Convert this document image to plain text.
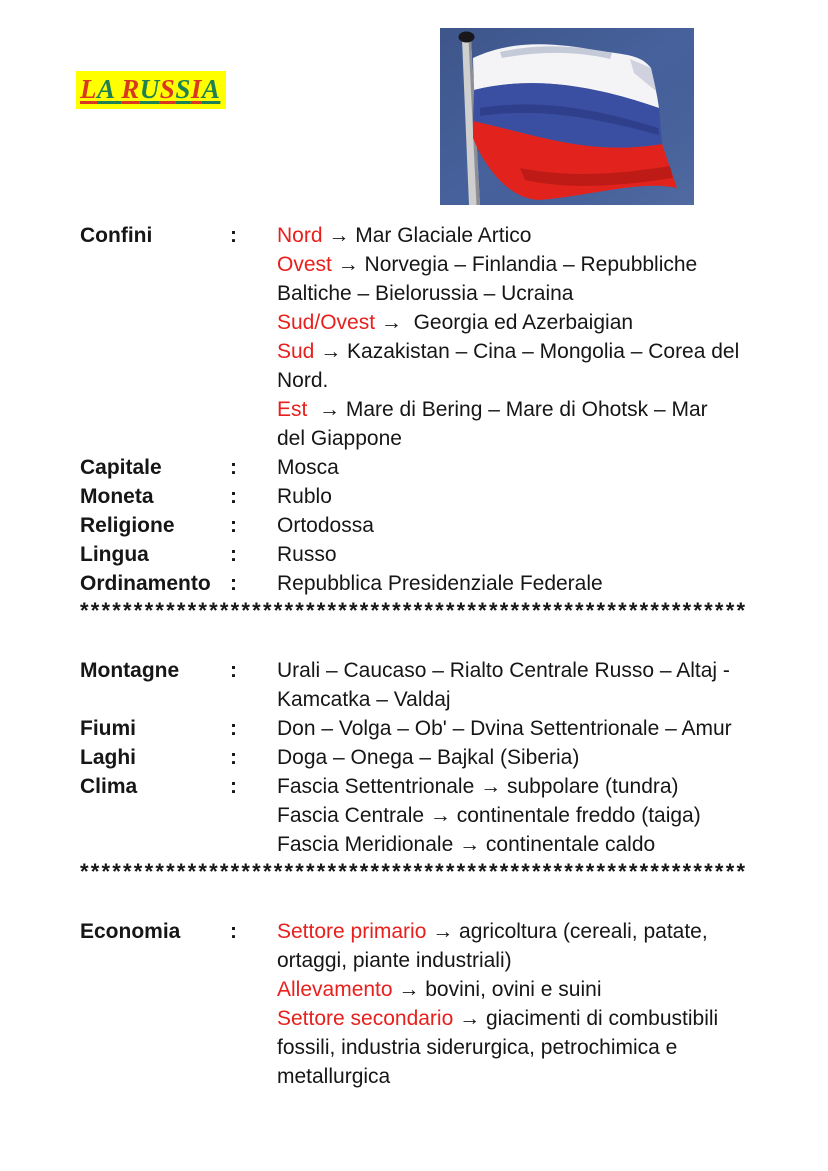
LA RUSSIA
Confini	:	Nord → Mar Glaciale Artico
Ovest → Norvegia – Finlandia – Repubbliche
Baltiche – Bielorussia – Ucraina
Sud/Ovest →  Georgia ed Azerbaigian
Sud → Kazakistan – Cina – Mongolia – Corea del
Nord.
Est  → Mare di Bering – Mare di Ohotsk – Mar
del Giappone
Capitale	:	Mosca
Moneta	:	Rublo
Religione	:	Ortodossa
Lingua	:	Russo
Ordinamento :	Repubblica Presidenziale Federale
**************************************************************
Montagne	:	Urali – Caucaso – Rialto Centrale Russo – Altaj -
Kamcatka – Valdaj
Fiumi	:	Don – Volga – Ob' – Dvina Settentrionale – Amur
Laghi	:	Doga – Onega – Bajkal (Siberia)
Clima	:	Fascia Settentrionale → subpolare (tundra)
Fascia Centrale → continentale freddo (taiga)
Fascia Meridionale → continentale caldo
**************************************************************
Economia	:	Settore primario → agricoltura (cereali, patate,
ortaggi, piante industriali)
Allevamento → bovini, ovini e suini
Settore secondario → giacimenti di combustibili
fossili, industria siderurgica, petrochimica e
metallurgica
